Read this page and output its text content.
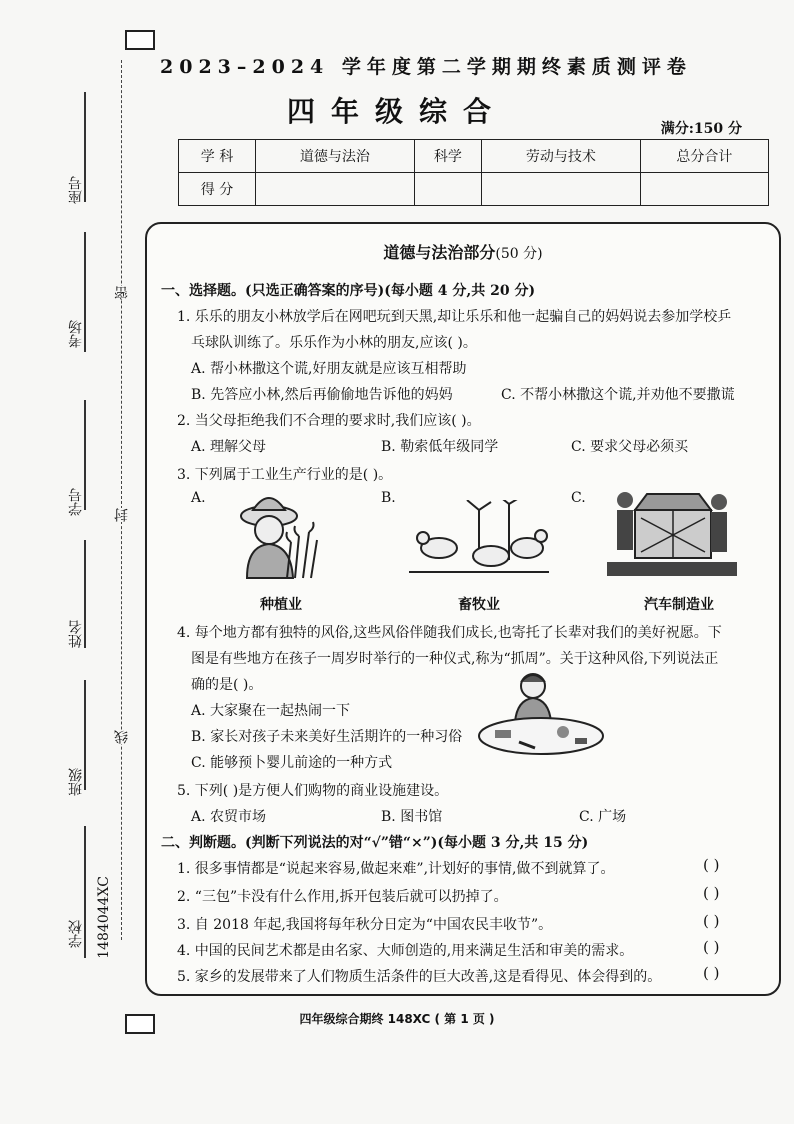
2023–2024 学年度第二学期期终素质测评卷
四年级综合
满分:150 分
学 科	道德与法治	科学	劳动与技术	总分合计
得 分				
座号
考场
学号
姓名
班级
学校
密
封
线
1484044XC
道德与法治部分(50 分)
一、选择题。(只选正确答案的序号)(每小题 4 分,共 20 分)
1. 乐乐的朋友小林放学后在网吧玩到天黑,却让乐乐和他一起骗自己的妈妈说去参加学校乒
乓球队训练了。乐乐作为小林的朋友,应该( )。
A. 帮小林撒这个谎,好朋友就是应该互相帮助
B. 先答应小林,然后再偷偷地告诉他的妈妈	C. 不帮小林撒这个谎,并劝他不要撒谎
2. 当父母拒绝我们不合理的要求时,我们应该( )。
A. 理解父母	B. 勒索低年级同学	C. 要求父母必须买
3. 下列属于工业生产行业的是( )。
A.	B.	C.
种植业	畜牧业	汽车制造业
4. 每个地方都有独特的风俗,这些风俗伴随我们成长,也寄托了长辈对我们的美好祝愿。下
图是有些地方在孩子一周岁时举行的一种仪式,称为“抓周”。关于这种风俗,下列说法正
确的是( )。
A. 大家聚在一起热闹一下
B. 家长对孩子未来美好生活期许的一种习俗
C. 能够预卜婴儿前途的一种方式
5. 下列( )是方便人们购物的商业设施建设。
A. 农贸市场	B. 图书馆	C. 广场
二、判断题。(判断下列说法的对“√”错“×”)(每小题 3 分,共 15 分)
1. 很多事情都是“说起来容易,做起来难”,计划好的事情,做不到就算了。	( )
2. “三包”卡没有什么作用,拆开包装后就可以扔掉了。	( )
3. 自 2018 年起,我国将每年秋分日定为“中国农民丰收节”。	( )
4. 中国的民间艺术都是由名家、大师创造的,用来满足生活和审美的需求。	( )
5. 家乡的发展带来了人们物质生活条件的巨大改善,这是看得见、体会得到的。	( )
四年级综合期终 148XC ( 第 1 页 )
